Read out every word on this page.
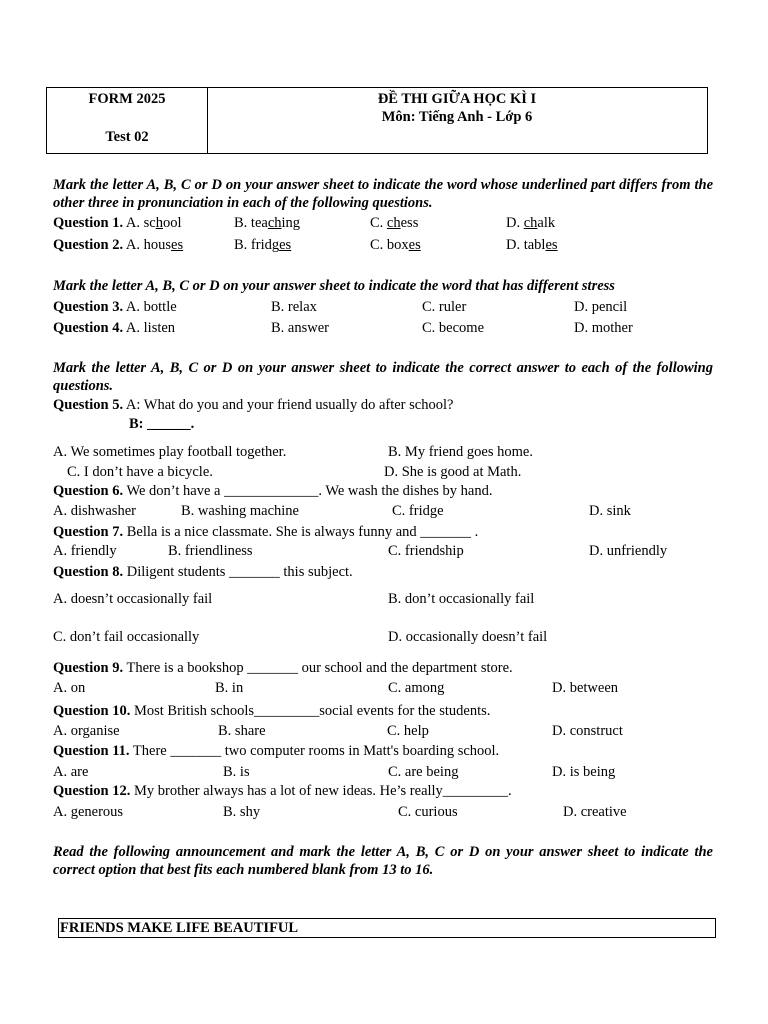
FORM 2025
Test 02
ĐỀ THI GIỮA HỌC KÌ I
Môn: Tiếng Anh - Lớp 6
Mark the letter A, B, C or D on your answer sheet to indicate the word whose underlined part differs from the other three in pronunciation in each of the following questions.
Question 1. A. school	B. teaching	C. chess	D. chalk
Question 2. A. houses	B. fridges	C. boxes	D. tables
Mark the letter A, B, C or D on your answer sheet to indicate the word that has different stress
Question 3. A. bottle	B. relax	C. ruler	D. pencil
Question 4. A. listen	B. answer	C. become	D. mother
Mark the letter A, B, C or D on your answer sheet to indicate the correct answer to each of the following questions.
Question 5. A: What do you and your friend usually do after school?
B: ______.
A. We sometimes play football together.	B. My friend goes home.
C. I don’t have a bicycle.	D. She is good at Math.
Question 6. We don’t have a _____________. We wash the dishes by hand.
A. dishwasher	B. washing machine	C. fridge	D. sink
Question 7. Bella is a nice classmate. She is always funny and _______ .
A. friendly	B. friendliness	C. friendship	D. unfriendly
Question 8. Diligent students _______ this subject.
A. doesn’t occasionally fail	B. don’t occasionally fail
C. don’t fail occasionally	D. occasionally doesn’t fail
Question 9. There is a bookshop _______ our school and the department store.
A. on	B. in	C. among	D. between
Question 10. Most British schools_________social events for the students.
A. organise	B. share	C. help	D. construct
Question 11. There _______ two computer rooms in Matt's boarding school.
A. are	B. is	C. are being	D. is being
Question 12. My brother always has a lot of new ideas. He’s really_________.
A. generous	B. shy	C. curious	D. creative
Read the following announcement and mark the letter A, B, C or D on your answer sheet to indicate the correct option that best fits each numbered blank from 13 to 16.
FRIENDS MAKE LIFE BEAUTIFUL
